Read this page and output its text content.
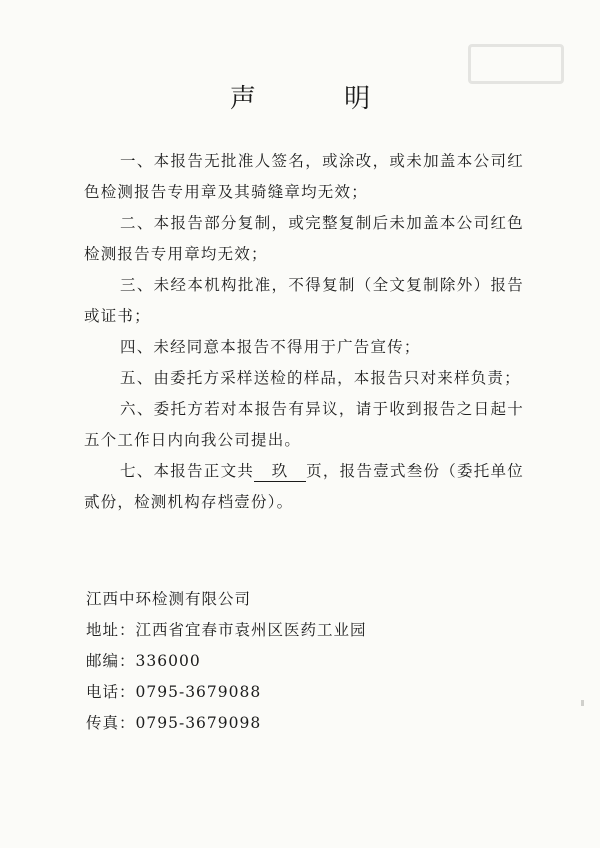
声 明

一、本报告无批准人签名，或涂改，或未加盖本公司红色检测报告专用章及其骑缝章均无效；

二、本报告部分复制，或完整复制后未加盖本公司红色检测报告专用章均无效；

三、未经本机构批准，不得复制（全文复制除外）报告或证书；

四、未经同意本报告不得用于广告宣传；

五、由委托方采样送检的样品，本报告只对来样负责；

六、委托方若对本报告有异议，请于收到报告之日起十五个工作日内向我公司提出。

七、本报告正文共 玖 页，报告壹式叁份（委托单位贰份，检测机构存档壹份）。

江西中环检测有限公司

地址：江西省宜春市袁州区医药工业园

邮编：336000

电话：0795-3679088

传真：0795-3679098
